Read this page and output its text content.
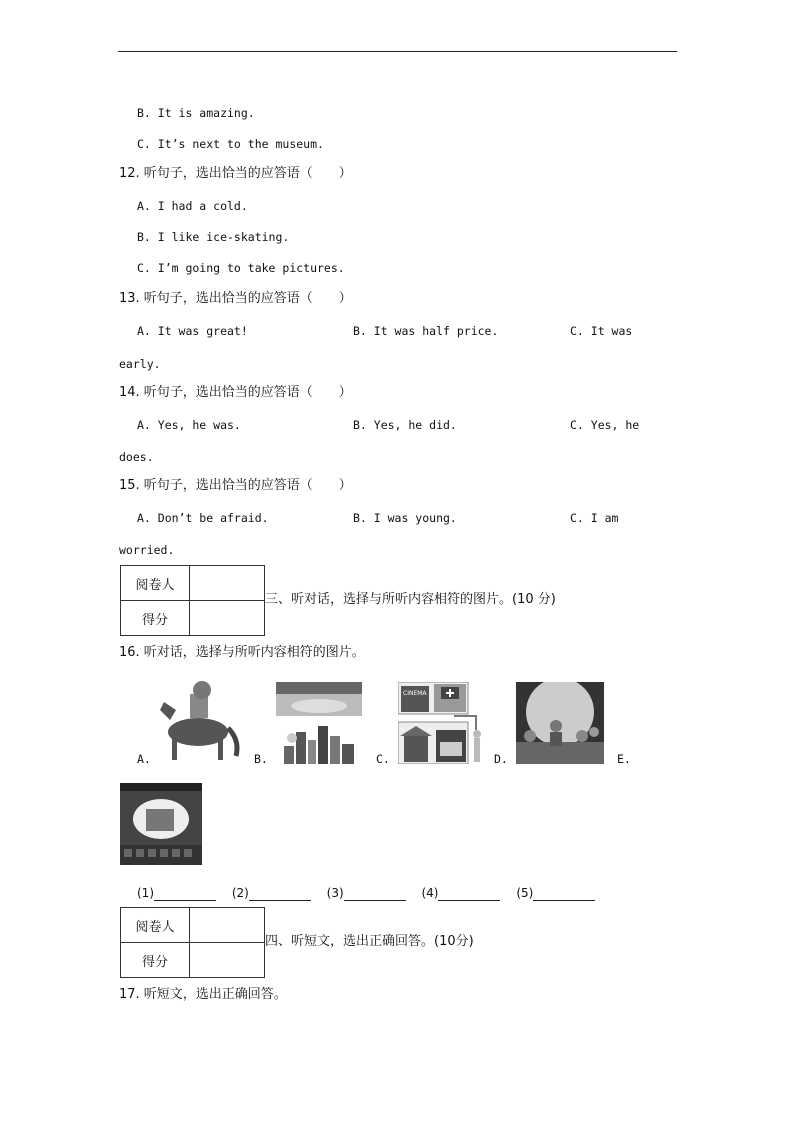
B. It is amazing.
C. It’s next to the museum.
12. 听句子，选出恰当的应答语（　　）
A. I had a cold.
B. I like ice-skating.
C. I’m going to take pictures.
13. 听句子，选出恰当的应答语（　　）
A. It was great!	B. It was half price.	C. It was
early.
14. 听句子，选出恰当的应答语（　　）
A. Yes, he was.	B. Yes, he did.	C. Yes, he
does.
15. 听句子，选出恰当的应答语（　　）
A. Don’t be afraid.	B. I was young.	C. I am
worried.
阅卷人	
得分	
三、听对话，选择与所听内容相符的图片。(10 分)
16. 听对话，选择与所听内容相符的图片。
A.	B.	C.
CINEMA
D.	E.
(1)	(2)	(3)	(4)	(5)
阅卷人	
得分	
四、听短文，选出正确回答。(10分)
17. 听短文，选出正确回答。
